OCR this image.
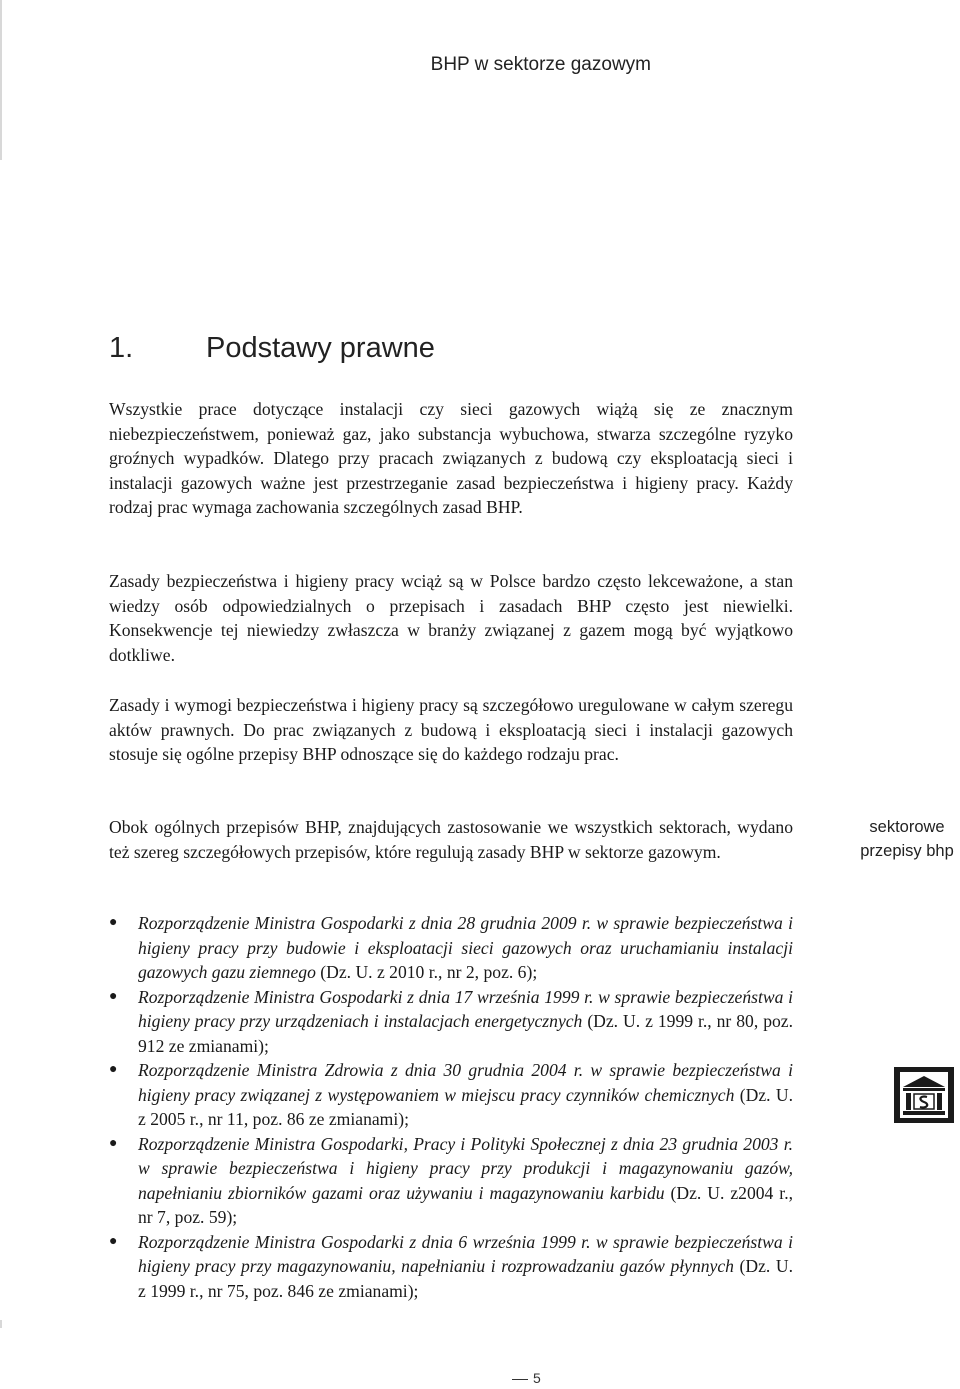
BHP w sektorze gazowym
1.	Podstawy prawne

Wszystkie prace dotyczące instalacji czy sieci gazowych wiążą się ze znacznym niebezpieczeństwem, ponieważ gaz, jako substancja wybuchowa, stwarza szczególne ryzyko groźnych wypadków. Dlatego przy pracach związanych z budową czy eksploatacją sieci i instalacji gazowych ważne jest przestrzeganie zasad bezpieczeństwa i higieny pracy. Każdy rodzaj prac wymaga zachowania szczególnych zasad BHP.

Zasady bezpieczeństwa i higieny pracy wciąż są w Polsce bardzo często lekceważone, a stan wiedzy osób odpowiedzialnych o przepisach i zasadach BHP często jest niewielki. Konsekwencje tej niewiedzy zwłaszcza w branży związanej z gazem mogą być wyjątkowo dotkliwe.

Zasady i wymogi bezpieczeństwa i higieny pracy są szczegółowo uregulowane w całym szeregu aktów prawnych. Do prac związanych z budową i eksploatacją sieci i instalacji gazowych stosuje się ogólne przepisy BHP odnoszące się do każdego rodzaju prac.

Obok ogólnych przepisów BHP, znajdujących zastosowanie we wszystkich sektorach, wydano też szereg szczegółowych przepisów, które regulują zasady BHP w sektorze gazowym.

sektorowe
przepisy bhp
● Rozporządzenie Ministra Gospodarki z dnia 28 grudnia 2009 r. w sprawie bezpieczeństwa i higieny pracy przy budowie i eksploatacji sieci gazowych oraz uruchamianiu instalacji gazowych gazu ziemnego (Dz. U. z 2010 r., nr 2, poz. 6);
● Rozporządzenie Ministra Gospodarki z dnia 17 września 1999 r. w sprawie bezpieczeństwa i higieny pracy przy urządzeniach i instalacjach energetycznych (Dz. U. z 1999 r., nr 80, poz. 912 ze zmianami);
● Rozporządzenie Ministra Zdrowia z dnia 30 grudnia 2004 r. w sprawie bezpieczeństwa i higieny pracy związanej z występowaniem w miejscu pracy czynników chemicznych (Dz. U. z 2005 r., nr 11, poz. 86 ze zmianami);
● Rozporządzenie Ministra Gospodarki, Pracy i Polityki Społecznej z dnia 23 grudnia 2003 r. w sprawie bezpieczeństwa i higieny pracy przy produkcji i magazynowaniu gazów, napełnianiu zbiorników gazami oraz używaniu i magazynowaniu karbidu (Dz. U. z2004 r., nr 7, poz. 59);
● Rozporządzenie Ministra Gospodarki z dnia 6 września 1999 r. w sprawie bezpieczeństwa i higieny pracy przy magazynowaniu, napełnianiu i rozprowadzaniu gazów płynnych (Dz. U. z 1999 r., nr 75, poz. 846 ze zmianami);
5
